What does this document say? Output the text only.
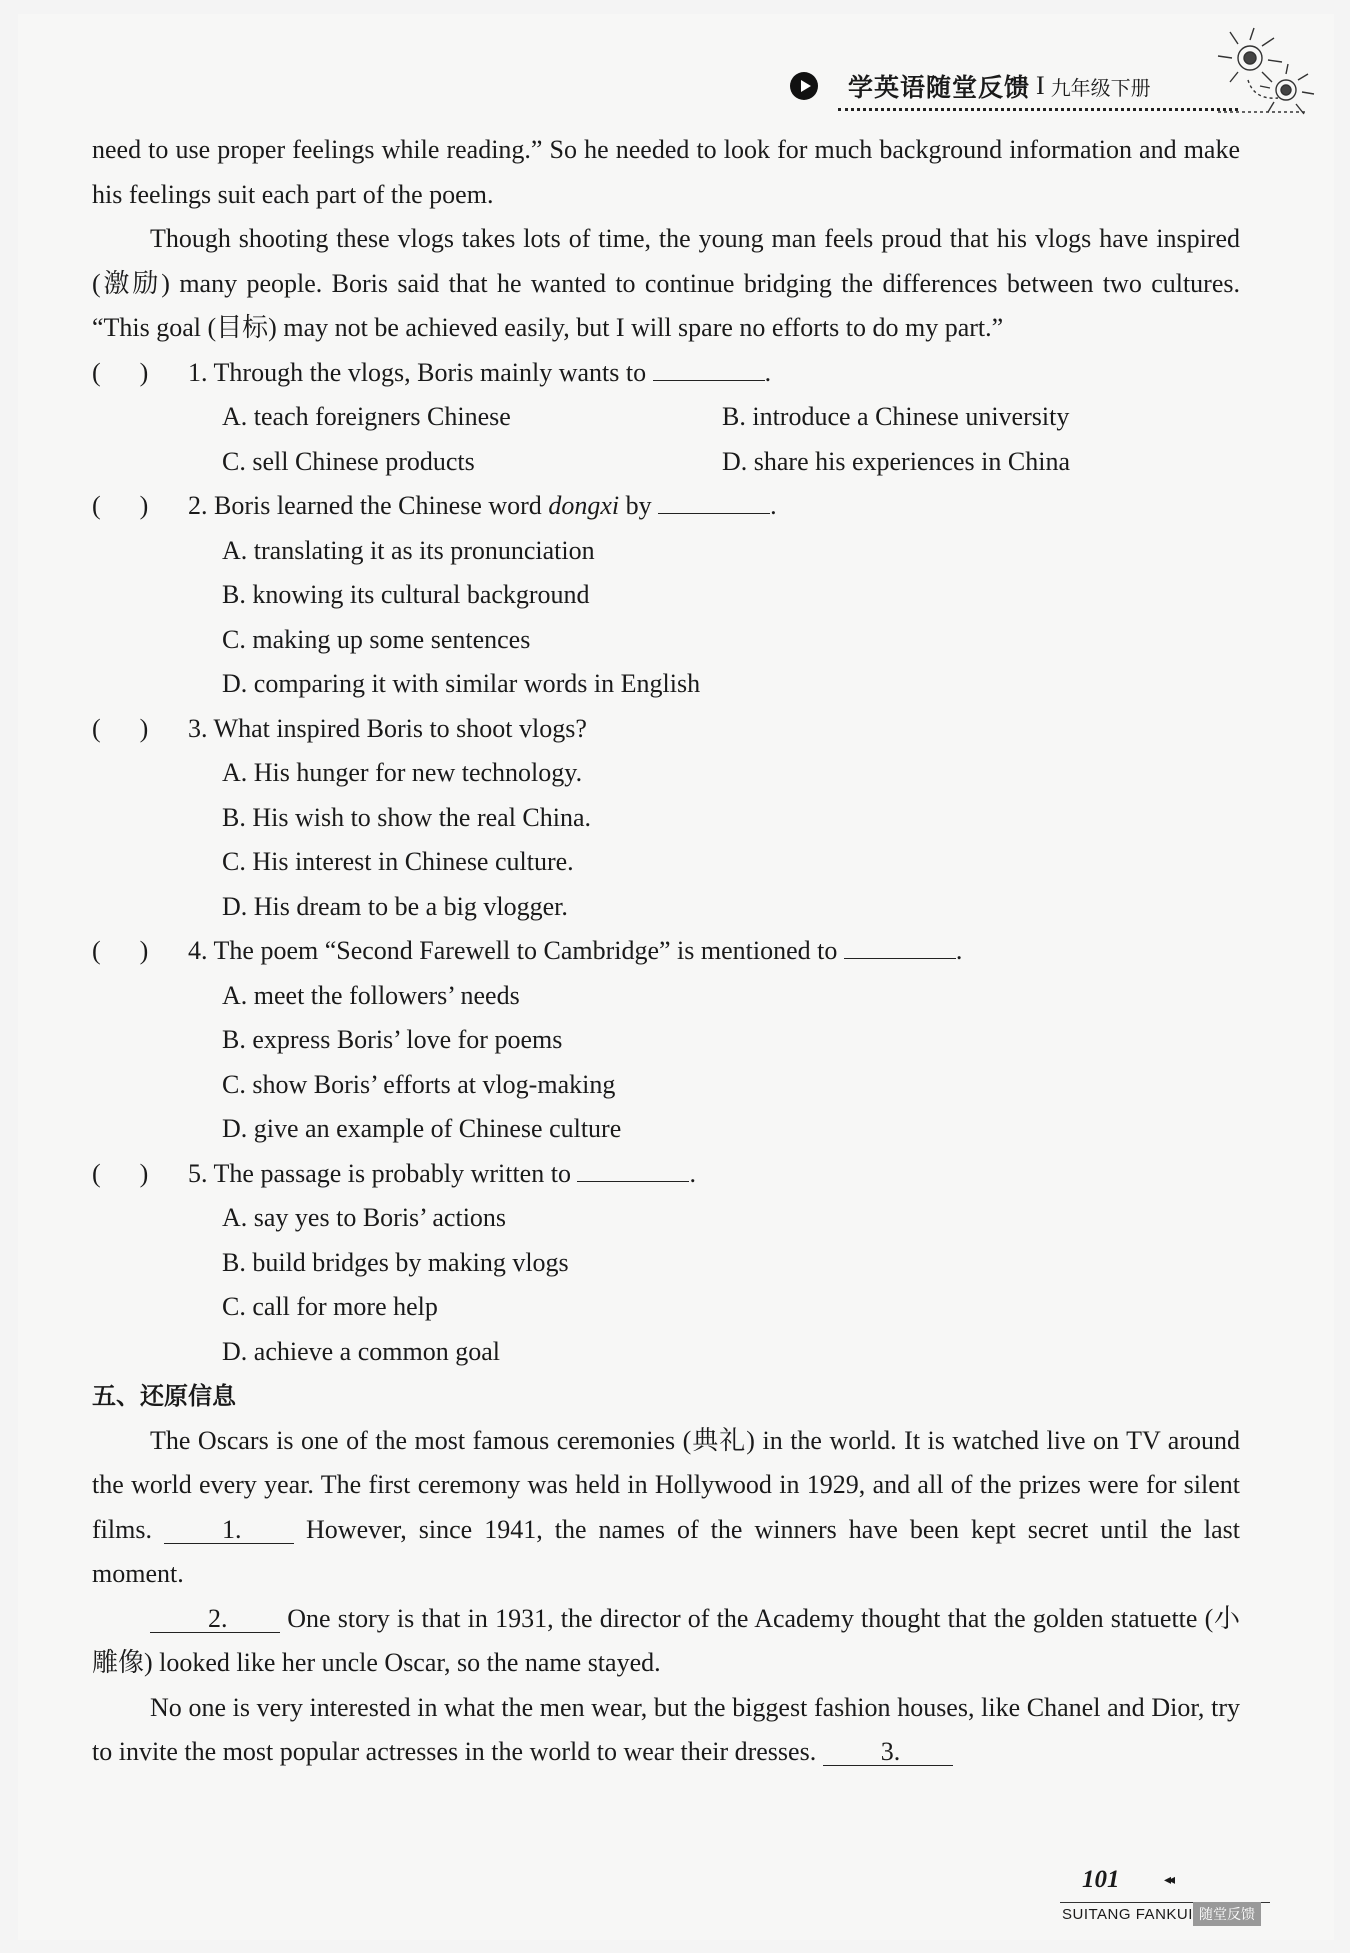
学英语随堂反馈 I 九年级下册

need to use proper feelings while reading.” So he needed to look for much background information and make his feelings suit each part of the poem.

Though shooting these vlogs takes lots of time, the young man feels proud that his vlogs have inspired (激励) many people. Boris said that he wanted to continue bridging the differences between two cultures. “This goal (目标) may not be achieved easily, but I will spare no efforts to do my part.”

(      )	1. Through the vlogs, Boris mainly wants to	.
A. teach foreigners Chinese	B. introduce a Chinese university
C. sell Chinese products	D. share his experiences in China
(      )	2. Boris learned the Chinese word dongxi by	.

A. translating it as its pronunciation

B. knowing its cultural background

C. making up some sentences

D. comparing it with similar words in English

(      )	3. What inspired Boris to shoot vlogs?

A. His hunger for new technology.

B. His wish to show the real China.

C. His interest in Chinese culture.

D. His dream to be a big vlogger.

(      )	4. The poem “Second Farewell to Cambridge” is mentioned to	.

A. meet the followers’ needs

B. express Boris’ love for poems

C. show Boris’ efforts at vlog-making

D. give an example of Chinese culture

(      )	5. The passage is probably written to	.

A. say yes to Boris’ actions

B. build bridges by making vlogs

C. call for more help

D. achieve a common goal

五、还原信息

The Oscars is one of the most famous ceremonies (典礼) in the world. It is watched live on TV around the world every year. The first ceremony was held in Hollywood in 1929, and all of the prizes were for silent films.	1. However, since 1941, the names of the winners have been kept secret until the last moment.

2. One story is that in 1931, the director of the Academy thought that the golden statuette (小雕像) looked like her uncle Oscar, so the name stayed.

No one is very interested in what the men wear, but the biggest fashion houses, like Chanel and Dior, try to invite the most popular actresses in the world to wear their dresses. 3.

101	◂◂
SUITANG FANKUI 随堂反馈
